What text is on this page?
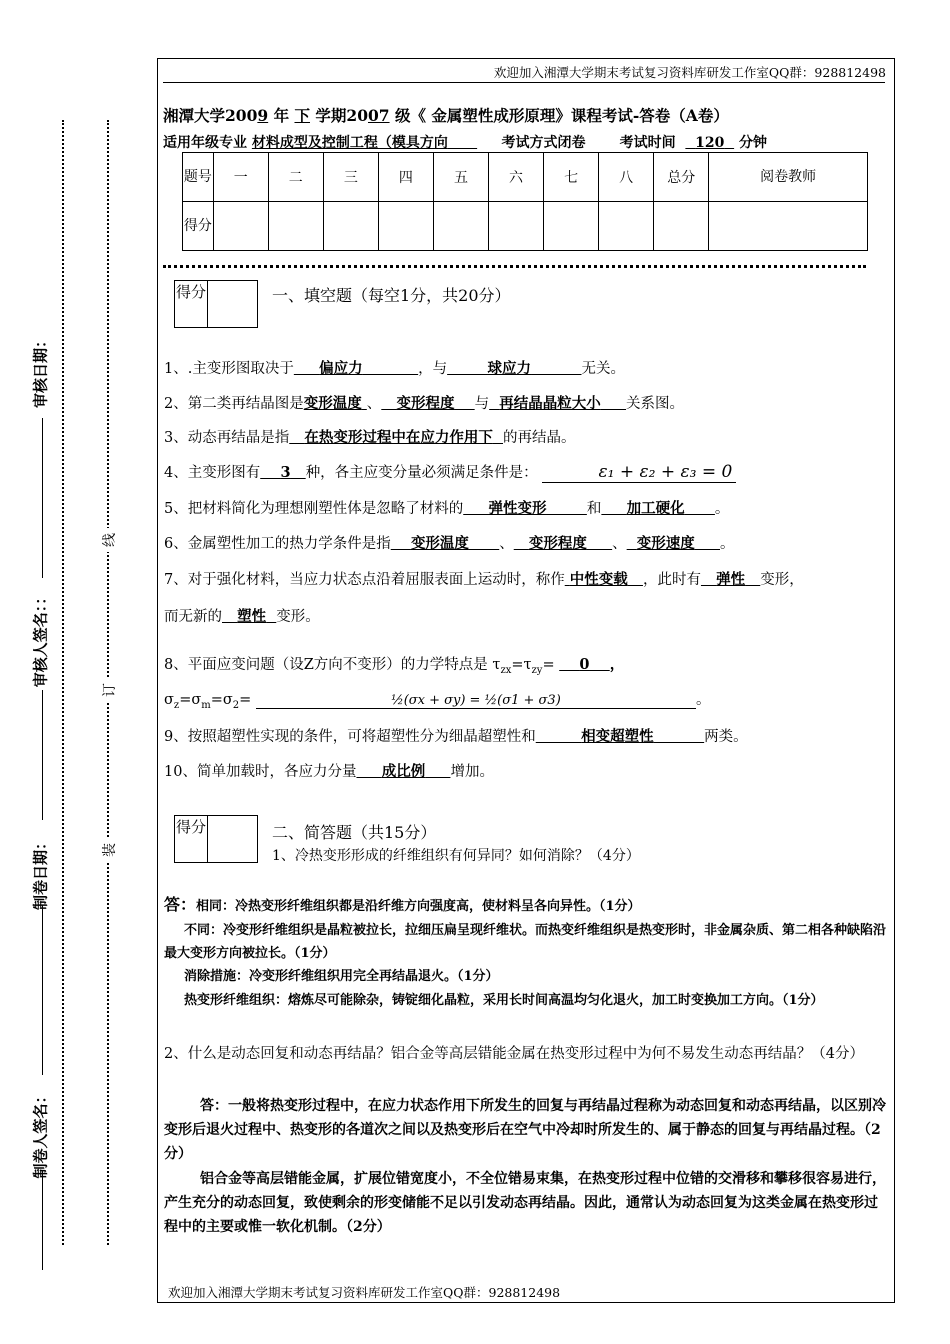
欢迎加入湘潭大学期末考试复习资料库研发工作室QQ群：928812498
湘潭大学2009 年 下 学期2007 级《 金属塑性成形原理》课程考试-答卷（A卷）
适用年级专业 材料成型及控制工程（模具方向	考试方式闭卷 考试时间 120 分钟
题号	一	二	三	四	五	六	七	八	总分	阅卷教师
得分										
得分	一、填空题（每空1分，共20分）
1、.主变形图取决于 偏应力	，与	球应力	无关。
2、第二类再结晶图是变形温度 、 变形程度 与 再结晶晶粒大小 关系图。
3、动态再结晶是指 在热变形过程中在应力作用下 的再结晶。
4、主变形图有 3 种，各主应变分量必须满足条件是：	ε₁ + ε₂ + ε₃ = 0
5、把材料简化为理想刚塑性体是忽略了材料的 弹性变形	和 加工硬化 。
6、金属塑性加工的热力学条件是指 变形温度 、 变形程度 、 变形速度 。
7、对于强化材料，当应力状态点沿着屈服表面上运动时，称作 中性变载 ，此时有 弹性 变形，
而无新的 塑性 变形。
8、平面应变问题（设Z方向不变形）的力学特点是 $\tau_{zx}=\tau_{zy}=$     0 ，
$\sigma_z=\sigma_m=\sigma_2=$	½(σx + σy) = ½(σ1 + σ3)	。
9、按照超塑性实现的条件，可将超塑性分为细晶超塑性和	相变超塑性	两类。
10、简单加载时，各应力分量 成比例 增加。
得分	二、简答题（共15分）
1、冷热变形形成的纤维组织有何异同？如何消除？（4分）
答：相同：冷热变形纤维组织都是沿纤维方向强度高，使材料呈各向异性。（1分）
不同：冷变形纤维组织是晶粒被拉长，拉细压扁呈现纤维状。而热变纤维组织是热变形时，非金属杂质、第二相各种缺陷沿最大变形方向被拉长。（1分）
消除措施：冷变形纤维组织用完全再结晶退火。（1分）
热变形纤维组织：熔炼尽可能除杂，铸锭细化晶粒，采用长时间高温均匀化退火，加工时变换加工方向。（1分）
2、什么是动态回复和动态再结晶？铝合金等高层错能金属在热变形过程中为何不易发生动态再结晶？（4分）
答：一般将热变形过程中，在应力状态作用下所发生的回复与再结晶过程称为动态回复和动态再结晶，以区别冷变形后退火过程中、热变形的各道次之间以及热变形后在空气中冷却时所发生的、属于静态的回复与再结晶过程。（2分）
铝合金等高层错能金属，扩展位错宽度小，不全位错易束集，在热变形过程中位错的交滑移和攀移很容易进行，产生充分的动态回复，致使剩余的形变储能不足以引发动态再结晶。因此，通常认为动态回复为这类金属在热变形过程中的主要或惟一软化机制。（2分）
欢迎加入湘潭大学期末考试复习资料库研发工作室QQ群：928812498
审核日期：
审核人签名：：
制卷日期：
制卷人签名：
线
订
装
